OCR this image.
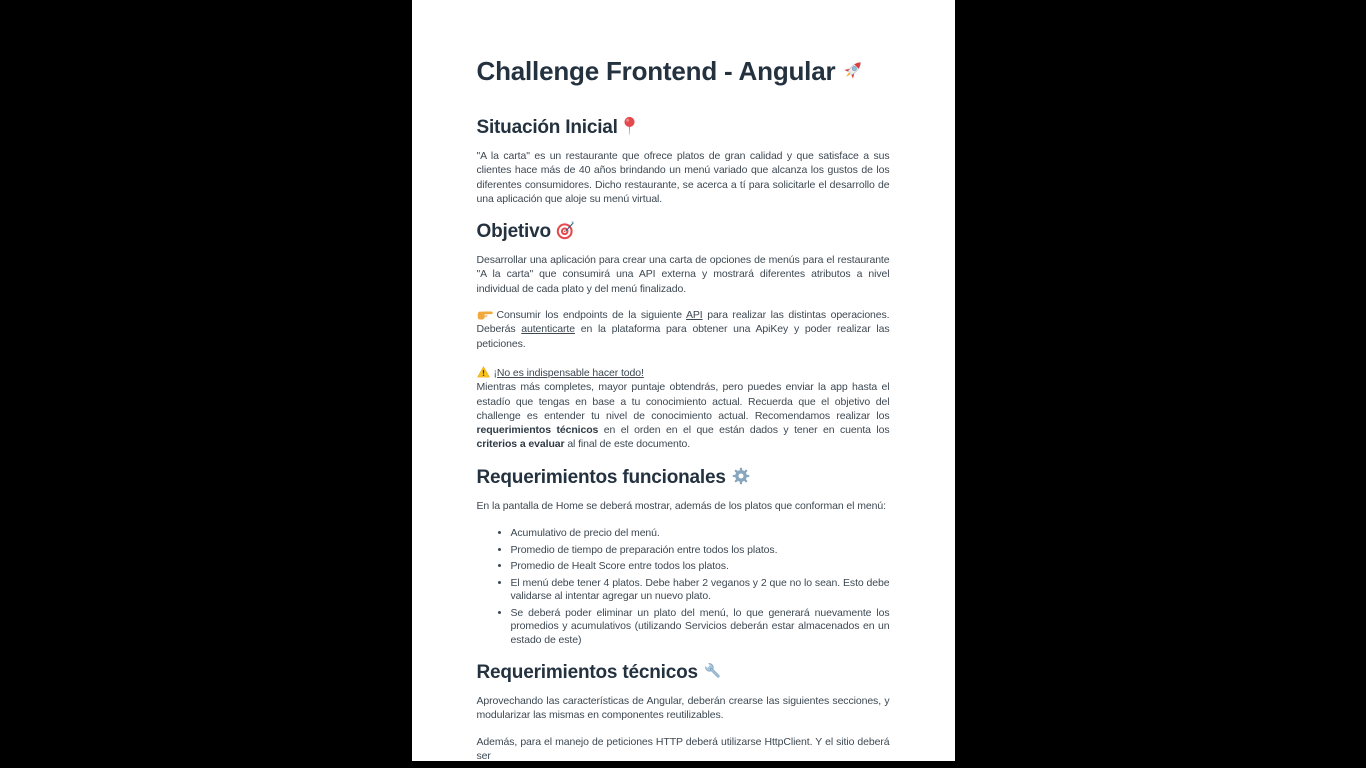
Challenge Frontend - Angular
Situación Inicial

"A la carta" es un restaurante que ofrece platos de gran calidad y que satisface a sus clientes hace más de 40 años brindando un menú variado que alcanza los gustos de los diferentes consumidores. Dicho restaurante, se acerca a tí para solicitarle el desarrollo de una aplicación que aloje su menú virtual.

Objetivo

Desarrollar una aplicación para crear una carta de opciones de menús para el restaurante "A la carta" que consumirá una API externa y mostrará diferentes atributos a nivel individual de cada plato y del menú finalizado.

Consumir los endpoints de la siguiente API para realizar las distintas operaciones. Deberás autenticarte en la plataforma para obtener una ApiKey y poder realizar las peticiones.

¡No es indispensable hacer todo!

Mientras más completes, mayor puntaje obtendrás, pero puedes enviar la app hasta el estadío que tengas en base a tu conocimiento actual. Recuerda que el objetivo del challenge es entender tu nivel de conocimiento actual. Recomendamos realizar los requerimientos técnicos en el orden en el que están dados y tener en cuenta los criterios a evaluar al final de este documento.

Requerimientos funcionales

En la pantalla de Home se deberá mostrar, además de los platos que conforman el menú:

• Acumulativo de precio del menú.
• Promedio de tiempo de preparación entre todos los platos.
• Promedio de Healt Score entre todos los platos.
• El menú debe tener 4 platos. Debe haber 2 veganos y 2 que no lo sean. Esto debe validarse al intentar agregar un nuevo plato.
• Se deberá poder eliminar un plato del menú, lo que generará nuevamente los promedios y acumulativos (utilizando Servicios deberán estar almacenados en un estado de este)
Requerimientos técnicos

Aprovechando las características de Angular, deberán crearse las siguientes secciones, y modularizar las mismas en componentes reutilizables.

Además, para el manejo de peticiones HTTP deberá utilizarse HttpClient. Y el sitio deberá ser
